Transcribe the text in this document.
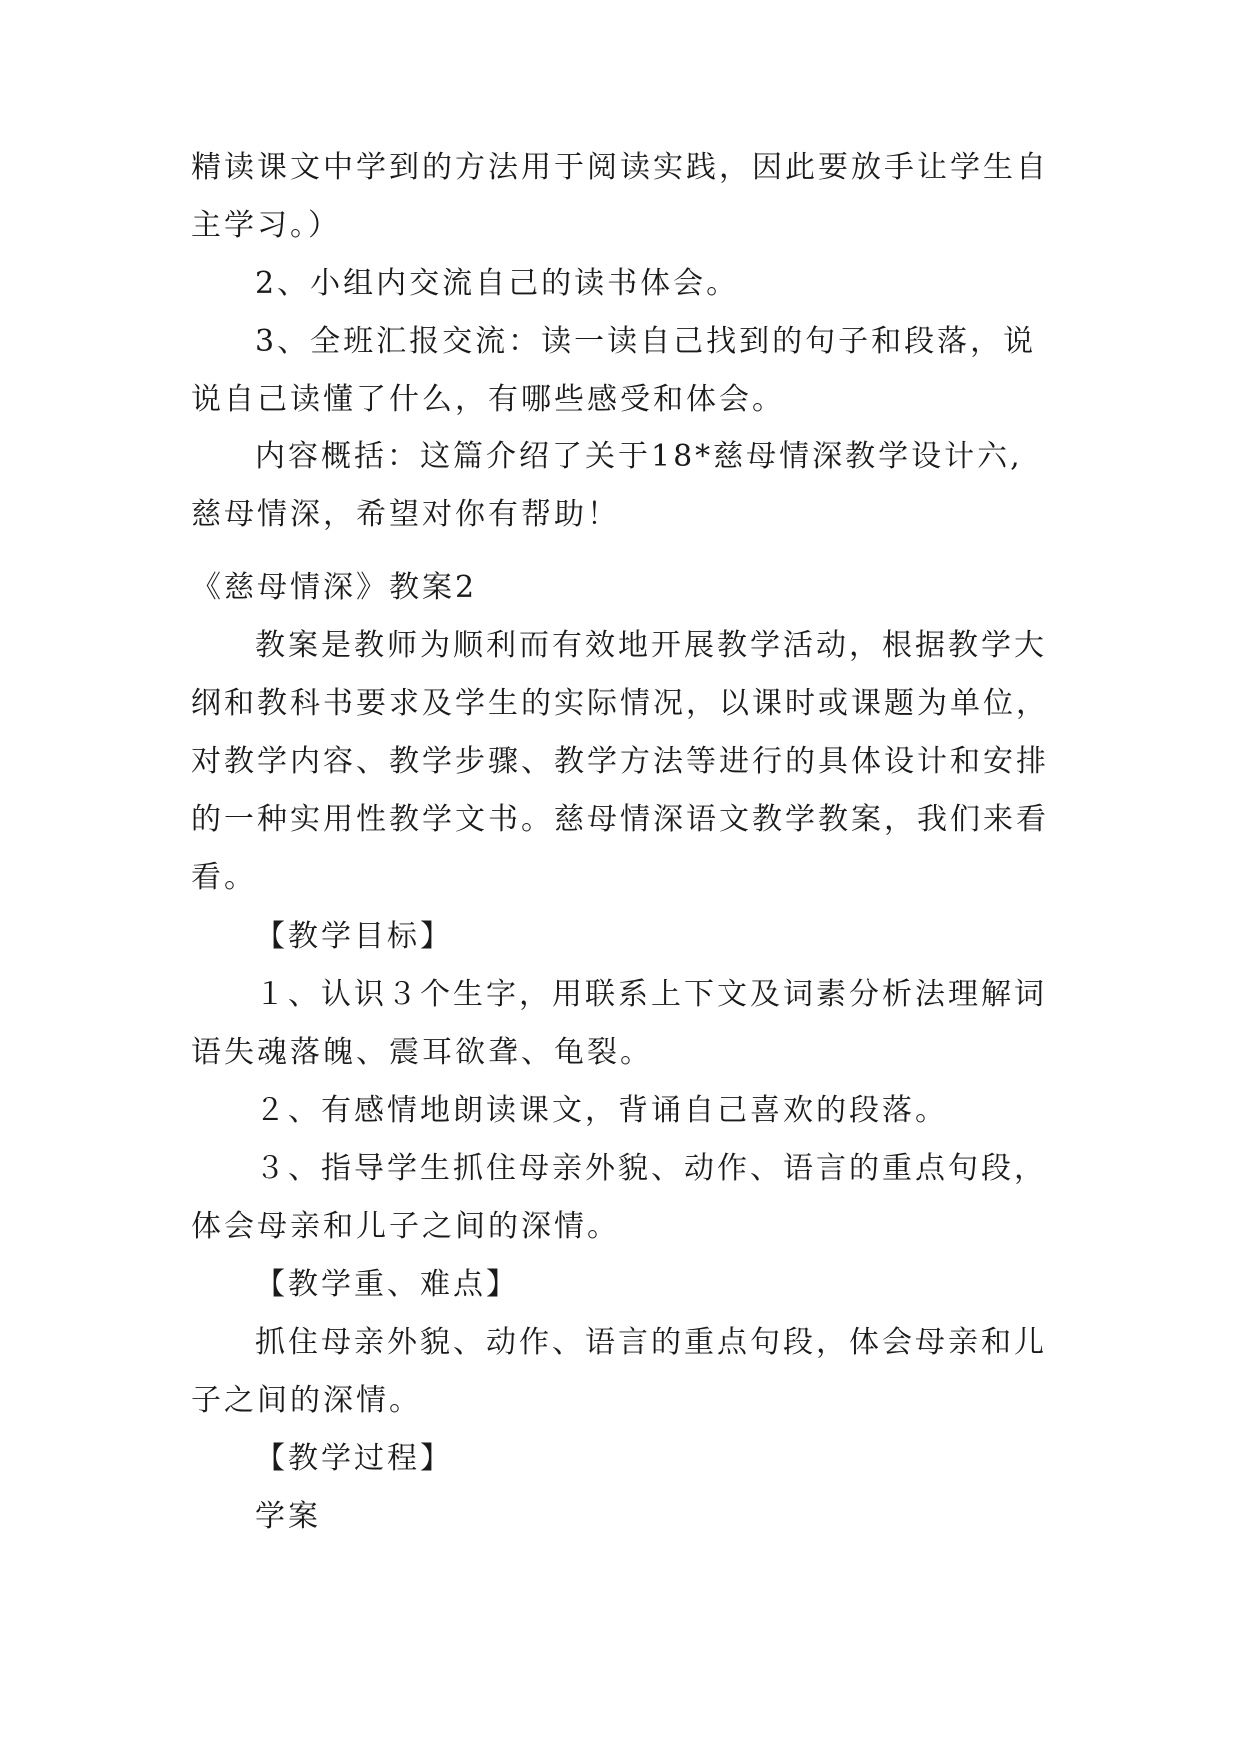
精读课文中学到的方法用于阅读实践，因此要放手让学生自主学习。）

2、小组内交流自己的读书体会。

3、全班汇报交流：读一读自己找到的句子和段落，说说自己读懂了什么，有哪些感受和体会。

内容概括：这篇介绍了关于18*慈母情深教学设计六,慈母情深，希望对你有帮助！

《慈母情深》教案2

教案是教师为顺利而有效地开展教学活动，根据教学大纲和教科书要求及学生的实际情况，以课时或课题为单位，对教学内容、教学步骤、教学方法等进行的具体设计和安排的一种实用性教学文书。慈母情深语文教学教案，我们来看看。

【教学目标】

１、认识３个生字，用联系上下文及词素分析法理解词语失魂落魄、震耳欲聋、龟裂。

２、有感情地朗读课文，背诵自己喜欢的段落。

３、指导学生抓住母亲外貌、动作、语言的重点句段，体会母亲和儿子之间的深情。

【教学重、难点】

抓住母亲外貌、动作、语言的重点句段，体会母亲和儿子之间的深情。

【教学过程】

学案
